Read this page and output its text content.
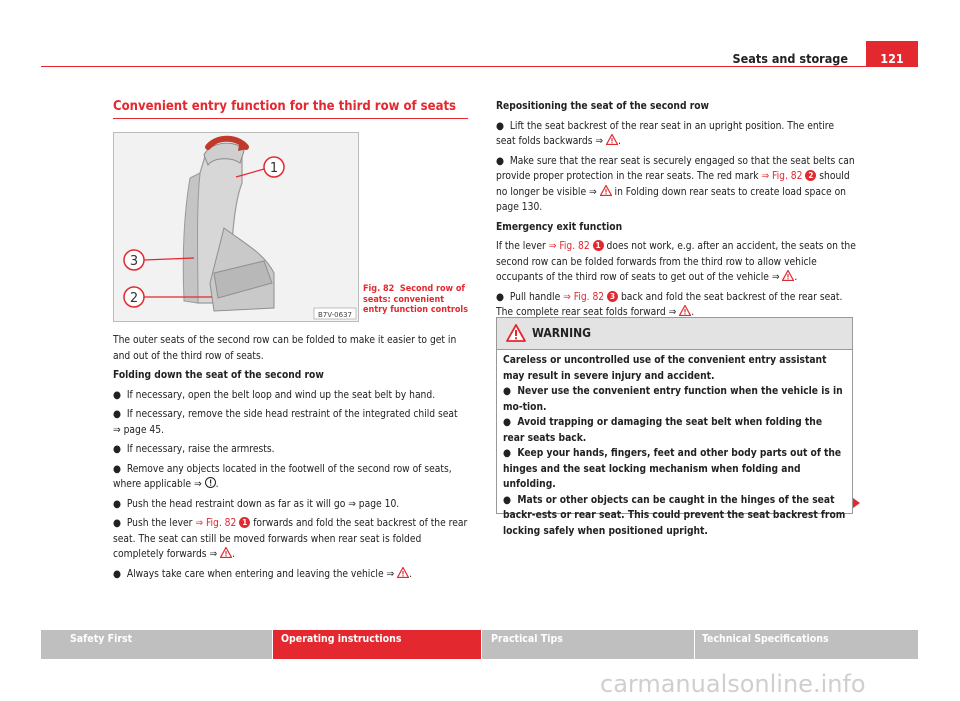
Seats and storage	121
Convenient entry function for the third row of seats
1
2
3
B7V-0637
Fig. 82 Second row of seats: convenient entry function controls

The outer seats of the second row can be folded to make it easier to get in and out of the third row of seats.

Folding down the seat of the second row

●  If necessary, open the belt loop and wind up the seat belt by hand.

●  If necessary, remove the side head restraint of the integrated child seat
⇒ page 45.

●  If necessary, raise the armrests.

●  Remove any objects located in the footwell of the second row of seats, where applicable ⇒ .

●  Push the head restraint down as far as it will go ⇒ page 10.

●  Push the lever ⇒ Fig. 82 1 forwards and fold the seat backrest of the rear seat. The seat can still be moved forwards when rear seat is folded completely forwards ⇒ .

●  Always take care when entering and leaving the vehicle ⇒ .

Repositioning the seat of the second row

●  Lift the seat backrest of the rear seat in an upright position. The entire seat folds backwards ⇒ .

●  Make sure that the rear seat is securely engaged so that the seat belts can provide proper protection in the rear seats. The red mark ⇒ Fig. 82 2 should no longer be visible ⇒ in Folding down rear seats to create load space on page 130.

Emergency exit function

If the lever ⇒ Fig. 82 1 does not work, e.g. after an accident, the seats on the second row can be folded forwards from the third row to allow vehicle occupants of the third row of seats to get out of the vehicle ⇒ .

●  Pull handle ⇒ Fig. 82 3 back and fold the seat backrest of the rear seat. The complete rear seat folds forward ⇒ .

WARNING

Careless or uncontrolled use of the convenient entry assistant may result in severe injury and accident.

●  Never use the convenient entry function when the vehicle is in mo-tion.

●  Avoid trapping or damaging the seat belt when folding the rear seats back.

●  Keep your hands, fingers, feet and other body parts out of the hinges and the seat locking mechanism when folding and unfolding.

●  Mats or other objects can be caught in the hinges of the seat backr-ests or rear seat. This could prevent the seat backrest from locking safely when positioned upright.

Safety First	Operating instructions	Practical Tips	Technical Specifications
carmanualsonline.info
